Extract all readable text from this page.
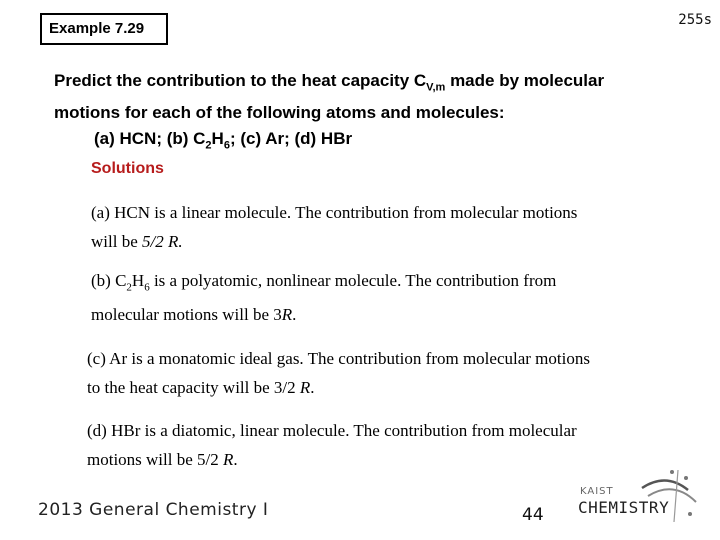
Example 7.29	255s
Predict the contribution to the heat capacity $C_{V,m}$ made by molecular
motions for each of the following atoms and molecules:
(a) HCN; (b) $C_2H_6$; (c) Ar; (d) HBr
Solutions
(a) HCN is a linear molecule. The contribution from molecular motions
will be 5/2 R.
(b) $C_2H_6$ is a polyatomic, nonlinear molecule. The contribution from
molecular motions will be 3R.
(c) Ar is a monatomic ideal gas. The contribution from molecular motions
to the heat capacity will be 3/2 R.
(d) HBr is a diatomic, linear molecule. The contribution from molecular
motions will be 5/2 R.
2013 General Chemistry I	44
KAIST
CHEMISTRY
